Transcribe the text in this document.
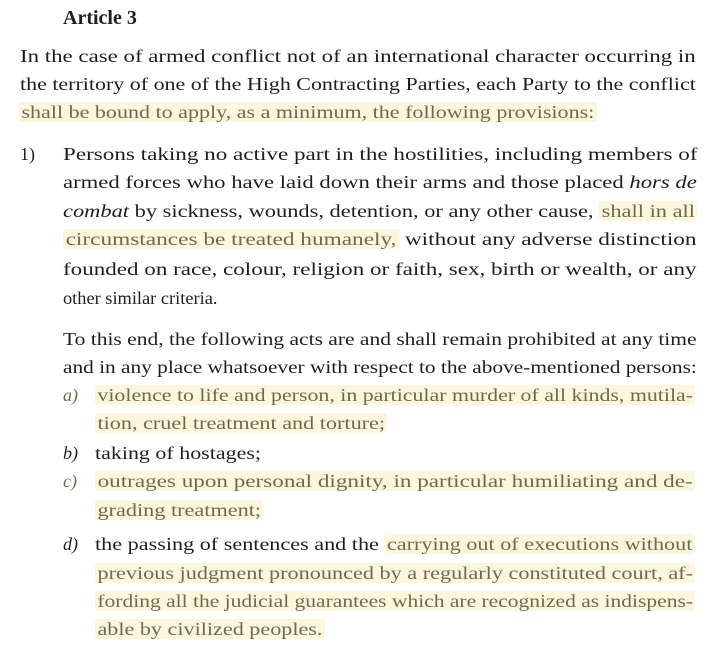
Article 3
In the case of armed conflict not of an international character occurring in
the territory of one of the High Contracting Parties, each Party to the conflict
shall be bound to apply, as a minimum, the following provisions:
1) Persons taking no active part in the hostilities, including members of
armed forces who have laid down their arms and those placed hors de
combat by sickness, wounds, detention, or any other cause, shall in all
circumstances be treated humanely, without any adverse distinction
founded on race, colour, religion or faith, sex, birth or wealth, or any
other similar criteria.
To this end, the following acts are and shall remain prohibited at any time
and in any place whatsoever with respect to the above-mentioned persons:
a) violence to life and person, in particular murder of all kinds, mutila-
tion, cruel treatment and torture;
b) taking of hostages;
c) outrages upon personal dignity, in particular humiliating and de-
grading treatment;
d) the passing of sentences and the carrying out of executions without
previous judgment pronounced by a regularly constituted court, af-
fording all the judicial guarantees which are recognized as indispens-
able by civilized peoples.
